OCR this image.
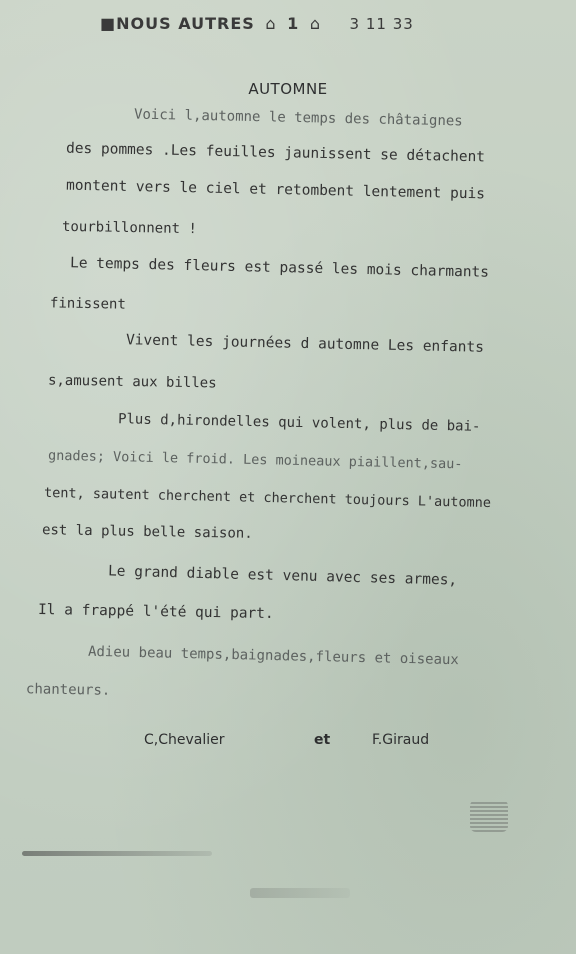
■NOUS AUTRES ⌂ 1 ⌂ 3 11 33
AUTOMNE
Voici l,automne le temps des châtaignes
des pommes .Les feuilles jaunissent se détachent
montent vers le ciel et retombent lentement puis
tourbillonnent !
Le temps des fleurs est passé les mois charmants
finissent
Vivent les journées d automne Les enfants
s,amusent aux billes
Plus d,hirondelles qui volent, plus de bai-
gnades; Voici le froid. Les moineaux piaillent,sau-
tent, sautent cherchent et cherchent toujours L'automne
est la plus belle saison.
Le grand diable est venu avec ses armes,
Il a frappé l'été qui part.
Adieu beau temps,baignades,fleurs et oiseaux
chanteurs.
C,Chevalier	et	F.Giraud
